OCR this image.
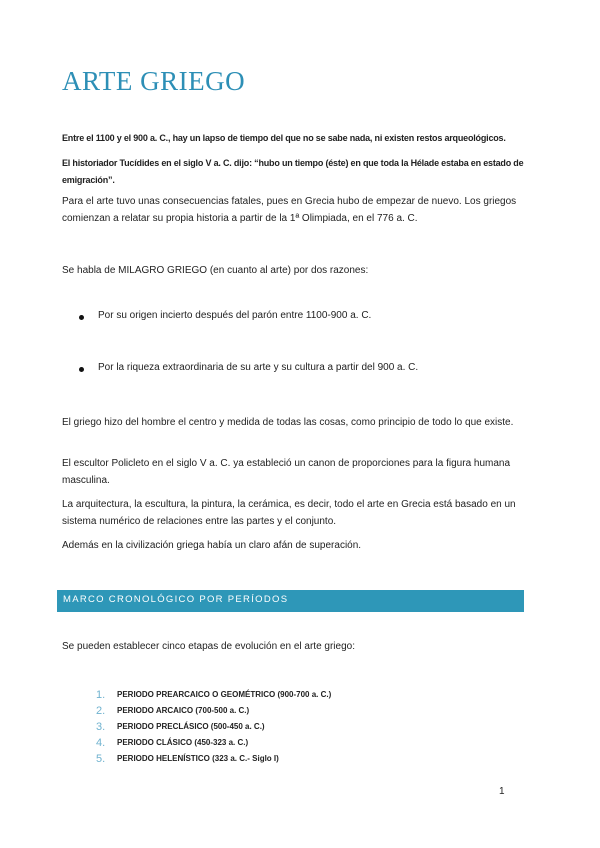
ARTE GRIEGO

Entre el 1100 y el 900 a. C., hay un lapso de tiempo del que no se sabe nada, ni existen restos arqueológicos.

El historiador Tucídides en el siglo V a. C. dijo: “hubo un tiempo (éste) en que toda la Hélade estaba en estado de emigración”.

Para el arte tuvo unas consecuencias fatales, pues en Grecia hubo de empezar de nuevo. Los griegos comienzan a relatar su propia historia a partir de la 1ª Olimpiada, en el 776 a. C.

Se habla de MILAGRO GRIEGO (en cuanto al arte) por dos razones:

Por su origen incierto después del parón entre 1100-900 a. C.
Por la riqueza extraordinaria de su arte y su cultura a partir del 900 a. C.

El griego hizo del hombre el centro y medida de todas las cosas, como principio de todo lo que existe.

El escultor Policleto en el siglo V a. C. ya estableció un canon de proporciones para la figura humana masculina.

La arquitectura, la escultura, la pintura, la cerámica, es decir, todo el arte en Grecia está basado en un sistema numérico de relaciones entre las partes y el conjunto.

Además en la civilización griega había un claro afán de superación.

MARCO CRONOLÓGICO POR PERÍODOS

Se pueden establecer cinco etapas de evolución en el arte griego:

1. PERIODO PREARCAICO O GEOMÉTRICO (900-700 a. C.)
2. PERIODO ARCAICO (700-500 a. C.)
3. PERIODO PRECLÁSICO (500-450 a. C.)
4. PERIODO CLÁSICO (450-323 a. C.)
5. PERIODO HELENÍSTICO (323 a. C.- Siglo I)
1
